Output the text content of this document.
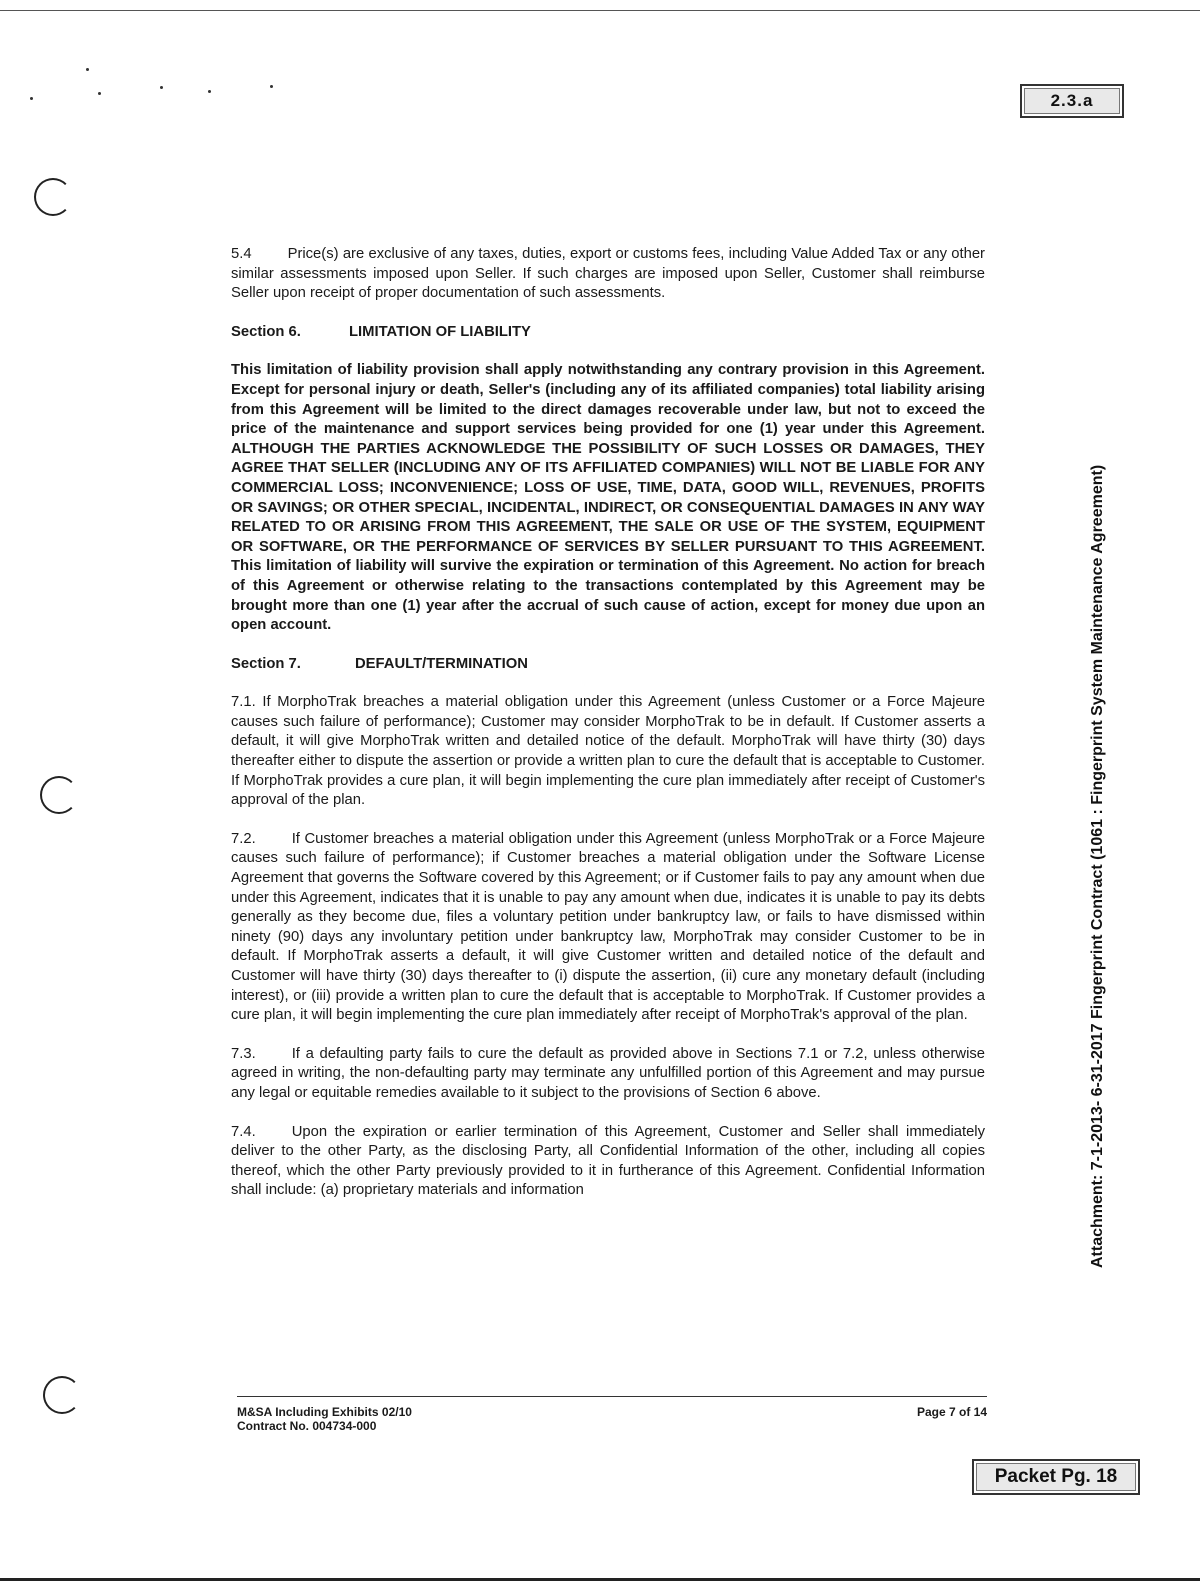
2.3.a
Attachment: 7-1-2013- 6-31-2017 Fingerprint Contract (1061 : Fingerprint System Maintenance Agreement)

5.4 Price(s) are exclusive of any taxes, duties, export or customs fees, including Value Added Tax or any other similar assessments imposed upon Seller. If such charges are imposed upon Seller, Customer shall reimburse Seller upon receipt of proper documentation of such assessments.

Section 6.	LIMITATION OF LIABILITY

This limitation of liability provision shall apply notwithstanding any contrary provision in this Agreement. Except for personal injury or death, Seller's (including any of its affiliated companies) total liability arising from this Agreement will be limited to the direct damages recoverable under law, but not to exceed the price of the maintenance and support services being provided for one (1) year under this Agreement. ALTHOUGH THE PARTIES ACKNOWLEDGE THE POSSIBILITY OF SUCH LOSSES OR DAMAGES, THEY AGREE THAT SELLER (INCLUDING ANY OF ITS AFFILIATED COMPANIES) WILL NOT BE LIABLE FOR ANY COMMERCIAL LOSS; INCONVENIENCE; LOSS OF USE, TIME, DATA, GOOD WILL, REVENUES, PROFITS OR SAVINGS; OR OTHER SPECIAL, INCIDENTAL, INDIRECT, OR CONSEQUENTIAL DAMAGES IN ANY WAY RELATED TO OR ARISING FROM THIS AGREEMENT, THE SALE OR USE OF THE SYSTEM, EQUIPMENT OR SOFTWARE, OR THE PERFORMANCE OF SERVICES BY SELLER PURSUANT TO THIS AGREEMENT. This limitation of liability will survive the expiration or termination of this Agreement. No action for breach of this Agreement or otherwise relating to the transactions contemplated by this Agreement may be brought more than one (1) year after the accrual of such cause of action, except for money due upon an open account.

Section 7.	DEFAULT/TERMINATION

7.1. If MorphoTrak breaches a material obligation under this Agreement (unless Customer or a Force Majeure causes such failure of performance); Customer may consider MorphoTrak to be in default. If Customer asserts a default, it will give MorphoTrak written and detailed notice of the default. MorphoTrak will have thirty (30) days thereafter either to dispute the assertion or provide a written plan to cure the default that is acceptable to Customer. If MorphoTrak provides a cure plan, it will begin implementing the cure plan immediately after receipt of Customer's approval of the plan.

7.2. If Customer breaches a material obligation under this Agreement (unless MorphoTrak or a Force Majeure causes such failure of performance); if Customer breaches a material obligation under the Software License Agreement that governs the Software covered by this Agreement; or if Customer fails to pay any amount when due under this Agreement, indicates that it is unable to pay any amount when due, indicates it is unable to pay its debts generally as they become due, files a voluntary petition under bankruptcy law, or fails to have dismissed within ninety (90) days any involuntary petition under bankruptcy law, MorphoTrak may consider Customer to be in default. If MorphoTrak asserts a default, it will give Customer written and detailed notice of the default and Customer will have thirty (30) days thereafter to (i) dispute the assertion, (ii) cure any monetary default (including interest), or (iii) provide a written plan to cure the default that is acceptable to MorphoTrak. If Customer provides a cure plan, it will begin implementing the cure plan immediately after receipt of MorphoTrak's approval of the plan.

7.3. If a defaulting party fails to cure the default as provided above in Sections 7.1 or 7.2, unless otherwise agreed in writing, the non-defaulting party may terminate any unfulfilled portion of this Agreement and may pursue any legal or equitable remedies available to it subject to the provisions of Section 6 above.

7.4. Upon the expiration or earlier termination of this Agreement, Customer and Seller shall immediately deliver to the other Party, as the disclosing Party, all Confidential Information of the other, including all copies thereof, which the other Party previously provided to it in furtherance of this Agreement. Confidential Information shall include: (a) proprietary materials and information

M&SA Including Exhibits 02/10
Contract No. 004734-000
Page 7 of 14
Packet Pg. 18
